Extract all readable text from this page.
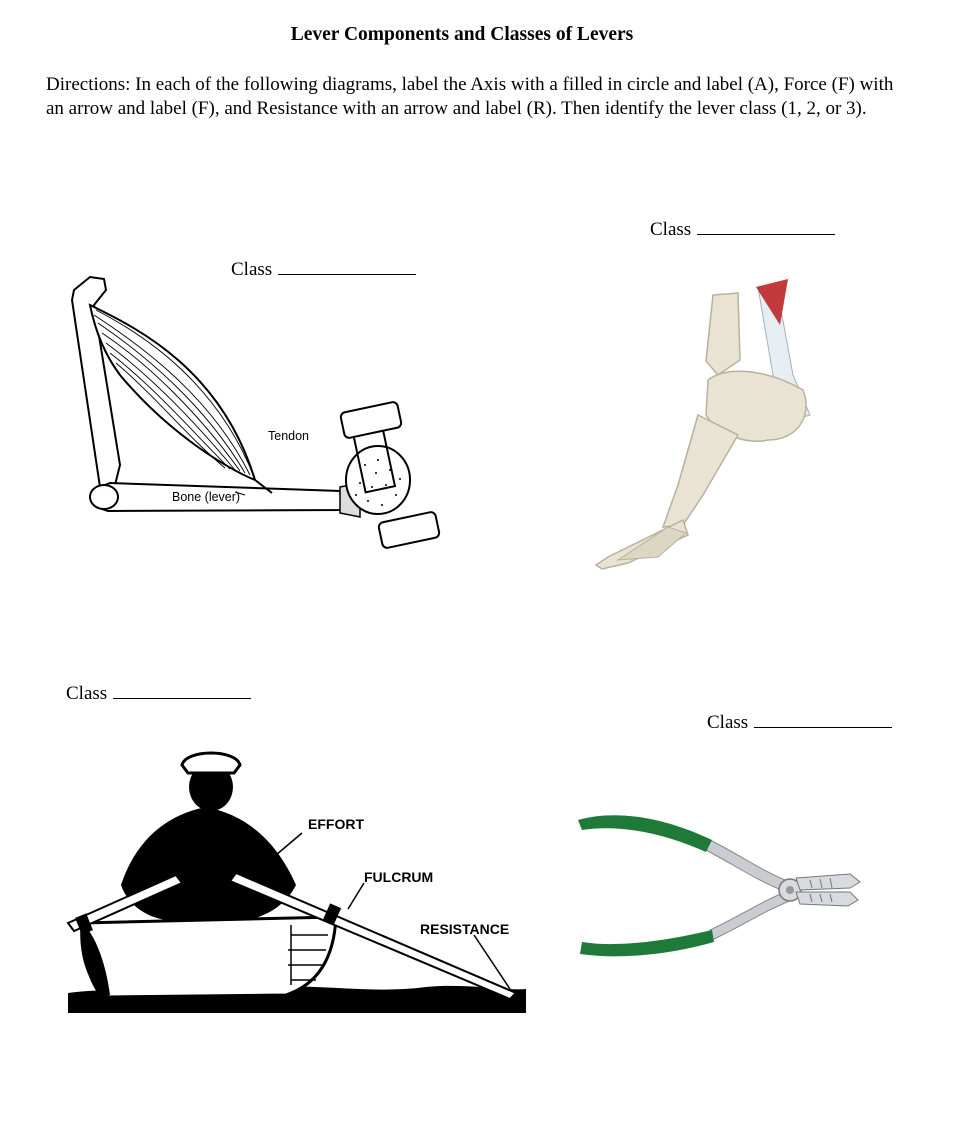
Lever Components and Classes of Levers
Directions: In each of the following diagrams, label the Axis with a filled in circle and label (A), Force (F) with an arrow and label (F), and Resistance with an arrow and label (R). Then identify the lever class (1, 2, or 3).
Class
Class
Class
Class
Tendon
Bone (lever)
EFFORT
FULCRUM
RESISTANCE
